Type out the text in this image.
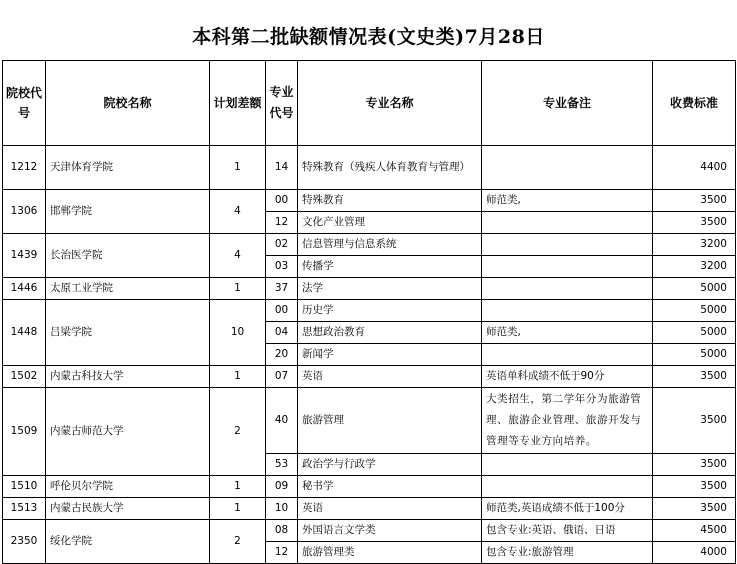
本科第二批缺额情况表(文史类)7月28日
院校代号	院校名称	计划差额	专业代号	专业名称	专业备注	收费标准
1212	天津体育学院	1	14	特殊教育（残疾人体育教育与管理）		4400
1306	邯郸学院	4	00	特殊教育	师范类,	3500
			12	文化产业管理		3500
1439	长治医学院	4	02	信息管理与信息系统		3200
			03	传播学		3200
1446	太原工业学院	1	37	法学		5000
1448	吕梁学院	10	00	历史学		5000
			04	思想政治教育	师范类,	5000
			20	新闻学		5000
1502	内蒙古科技大学	1	07	英语	英语单科成绩不低于90分	3500
1509	内蒙古师范大学	2	40	旅游管理	大类招生，第二学年分为旅游管理、旅游企业管理、旅游开发与管理等专业方向培养。	3500
			53	政治学与行政学		3500
1510	呼伦贝尔学院	1	09	秘书学		3500
1513	内蒙古民族大学	1	10	英语	师范类,英语成绩不低于100分	3500
2350	绥化学院	2	08	外国语言文学类	包含专业:英语、俄语、日语	4500
			12	旅游管理类	包含专业:旅游管理	4000
